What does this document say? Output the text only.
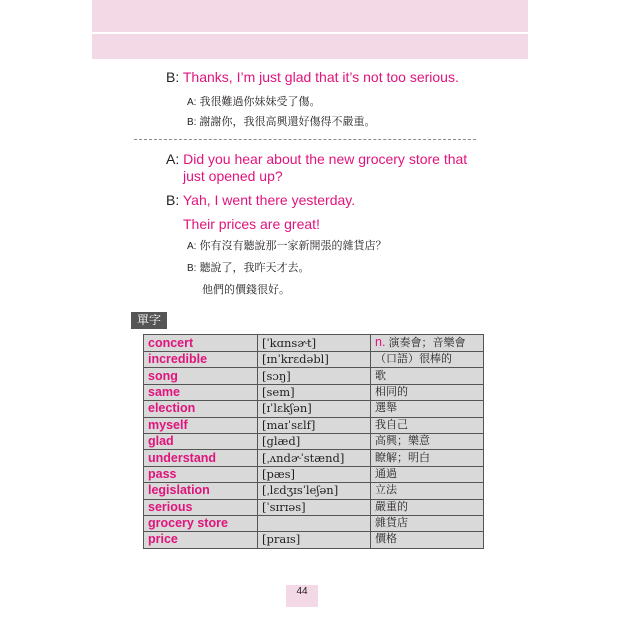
B: Thanks, I’m just glad that it’s not too serious.
A: 我很難過你妹妹受了傷。
B: 謝謝你，我很高興還好傷得不嚴重。
A: Did you hear about the new grocery store that
just opened up?
B: Yah, I went there yesterday.
Their prices are great!
A: 你有沒有聽說那一家新開張的雜貨店？
B: 聽說了，我昨天才去。
他們的價錢很好。
單字
concert	[ˈkɑnsɚt]	n. 演奏會；音樂會
incredible	[ɪnˈkrɛdəbl]	（口語）很棒的
song	[sɔŋ]	歌
same	[sem]	相同的
election	[ɪˈlɛkʃən]	選舉
myself	[maɪˈsɛlf]	我自己
glad	[glæd]	高興；樂意
understand	[ˌʌndɚˈstænd]	瞭解；明白
pass	[pæs]	通過
legislation	[ˌlɛdʒɪsˈleʃən]	立法
serious	[ˈsɪrɪəs]	嚴重的
grocery store		雜貨店
price	[praɪs]	價格
44
